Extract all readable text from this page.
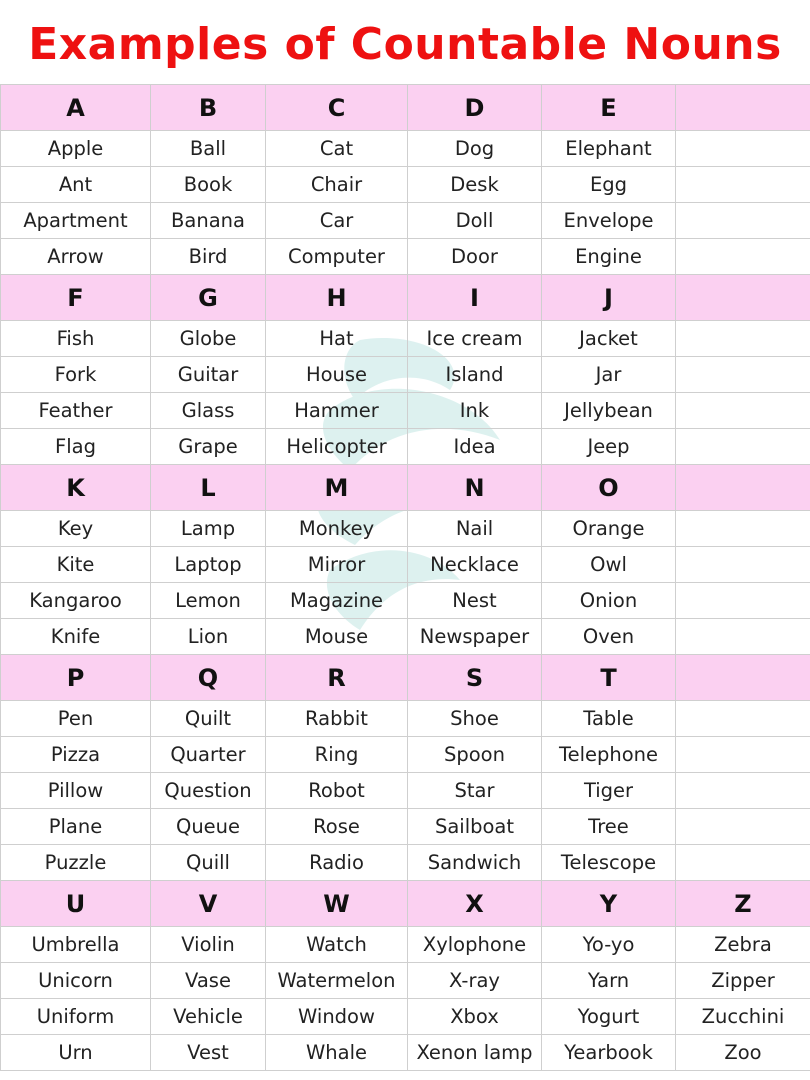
Examples of Countable Nouns
A	B	C	D	E	
Apple	Ball	Cat	Dog	Elephant	
Ant	Book	Chair	Desk	Egg	
Apartment	Banana	Car	Doll	Envelope	
Arrow	Bird	Computer	Door	Engine	
F	G	H	I	J	
Fish	Globe	Hat	Ice cream	Jacket	
Fork	Guitar	House	Island	Jar	
Feather	Glass	Hammer	Ink	Jellybean	
Flag	Grape	Helicopter	Idea	Jeep	
K	L	M	N	O	
Key	Lamp	Monkey	Nail	Orange	
Kite	Laptop	Mirror	Necklace	Owl	
Kangaroo	Lemon	Magazine	Nest	Onion	
Knife	Lion	Mouse	Newspaper	Oven	
P	Q	R	S	T	
Pen	Quilt	Rabbit	Shoe	Table	
Pizza	Quarter	Ring	Spoon	Telephone	
Pillow	Question	Robot	Star	Tiger	
Plane	Queue	Rose	Sailboat	Tree	
Puzzle	Quill	Radio	Sandwich	Telescope	
U	V	W	X	Y	Z
Umbrella	Violin	Watch	Xylophone	Yo-yo	Zebra
Unicorn	Vase	Watermelon	X-ray	Yarn	Zipper
Uniform	Vehicle	Window	Xbox	Yogurt	Zucchini
Urn	Vest	Whale	Xenon lamp	Yearbook	Zoo
